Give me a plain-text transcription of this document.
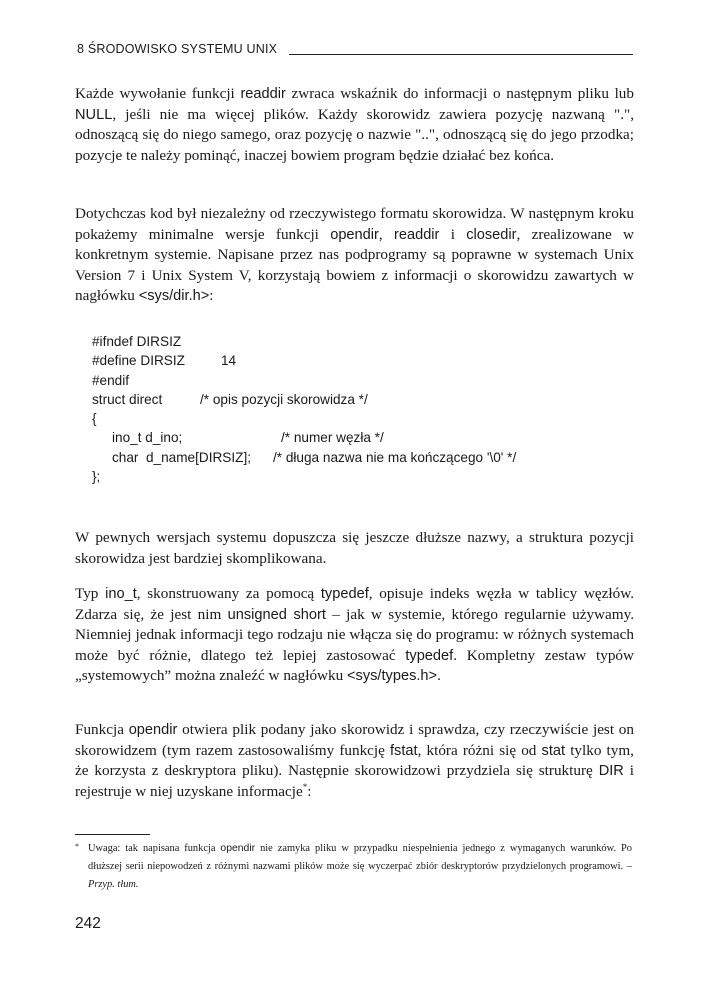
8 ŚRODOWISKO SYSTEMU UNIX

Każde wywołanie funkcji readdir zwraca wskaźnik do informacji o następnym pliku lub NULL, jeśli nie ma więcej plików. Każdy skorowidz zawiera pozycję nazwaną ".", odnoszącą się do niego samego, oraz pozycję o nazwie "..", odnoszącą się do jego przodka; pozycje te należy pominąć, inaczej bowiem program będzie działać bez końca.

Dotychczas kod był niezależny od rzeczywistego formatu skorowidza. W następnym kroku pokażemy minimalne wersje funkcji opendir, readdir i closedir, zrealizowane w konkretnym systemie. Napisane przez nas podprogramy są poprawne w systemach Unix Version 7 i Unix System V, korzystają bowiem z informacji o skorowidzu zawartych w nagłówku <sys/dir.h>:

#ifndef DIRSIZ
#define DIRSIZ	14
#endif
struct direct	/* opis pozycji skorowidza */
{
ino_t d_ino;	/* numer węzła */
char  d_name[DIRSIZ]; /* długa nazwa nie ma kończącego '\0' */
};

W pewnych wersjach systemu dopuszcza się jeszcze dłuższe nazwy, a struktura pozycji skorowidza jest bardziej skomplikowana.

Typ ino_t, skonstruowany za pomocą typedef, opisuje indeks węzła w tablicy węzłów. Zdarza się, że jest nim unsigned short – jak w systemie, którego regularnie używamy. Niemniej jednak informacji tego rodzaju nie włącza się do programu: w różnych systemach może być różnie, dlatego też lepiej zastosować typedef. Kompletny zestaw typów „systemowych” można znaleźć w nagłówku <sys/types.h>.

Funkcja opendir otwiera plik podany jako skorowidz i sprawdza, czy rzeczywiście jest on skorowidzem (tym razem zastosowaliśmy funkcję fstat, która różni się od stat tylko tym, że korzysta z deskryptora pliku). Następnie skorowidzowi przydziela się strukturę DIR i rejestruje w niej uzyskane informacje*:

* Uwaga: tak napisana funkcja opendir nie zamyka pliku w przypadku niespełnienia jednego z wymaganych warunków. Po dłuższej serii niepowodzeń z różnymi nazwami plików może się wyczerpać zbiór deskryptorów przydzielonych programowi. – Przyp. tłum.

242
